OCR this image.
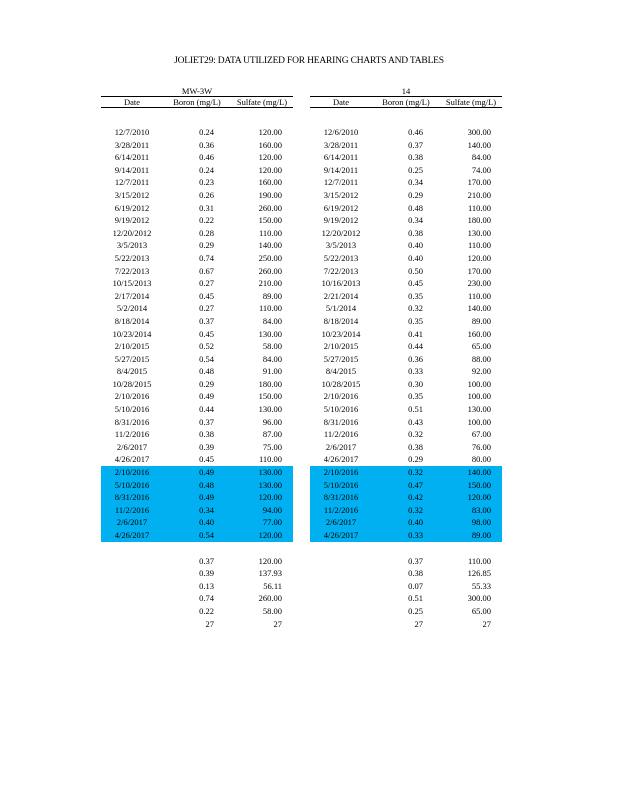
JOLIET29: DATA UTILIZED FOR HEARING CHARTS AND TABLES
MW-3W
Date	Boron (mg/L)	Sulfate (mg/L)
12/7/2010	0.24	120.00
3/28/2011	0.36	160.00
6/14/2011	0.46	120.00
9/14/2011	0.24	120.00
12/7/2011	0.23	160.00
3/15/2012	0.26	190.00
6/19/2012	0.31	260.00
9/19/2012	0.22	150.00
12/20/2012	0.28	110.00
3/5/2013	0.29	140.00
5/22/2013	0.74	250.00
7/22/2013	0.67	260.00
10/15/2013	0.27	210.00
2/17/2014	0.45	89.00
5/2/2014	0.27	110.00
8/18/2014	0.37	84.00
10/23/2014	0.45	130.00
2/10/2015	0.52	58.00
5/27/2015	0.54	84.00
8/4/2015	0.48	91.00
10/28/2015	0.29	180.00
2/10/2016	0.49	150.00
5/10/2016	0.44	130.00
8/31/2016	0.37	96.00
11/2/2016	0.38	87.00
2/6/2017	0.39	75.00
4/26/2017	0.45	110.00
2/10/2016	0.49	130.00
5/10/2016	0.48	130.00
8/31/2016	0.49	120.00
11/2/2016	0.34	94.00
2/6/2017	0.40	77.00
4/26/2017	0.54	120.00
0.37	120.00
0.39	137.93
0.13	56.11
0.74	260.00
0.22	58.00
27	27
14
Date	Boron (mg/L)	Sulfate (mg/L)
12/6/2010	0.46	300.00
3/28/2011	0.37	140.00
6/14/2011	0.38	84.00
9/14/2011	0.25	74.00
12/7/2011	0.34	170.00
3/15/2012	0.29	210.00
6/19/2012	0.48	110.00
9/19/2012	0.34	180.00
12/20/2012	0.38	130.00
3/5/2013	0.40	110.00
5/22/2013	0.40	120.00
7/22/2013	0.50	170.00
10/16/2013	0.45	230.00
2/21/2014	0.35	110.00
5/1/2014	0.32	140.00
8/18/2014	0.35	89.00
10/23/2014	0.41	160.00
2/10/2015	0.44	65.00
5/27/2015	0.36	88.00
8/4/2015	0.33	92.00
10/28/2015	0.30	100.00
2/10/2016	0.35	100.00
5/10/2016	0.51	130.00
8/31/2016	0.43	100.00
11/2/2016	0.32	67.00
2/6/2017	0.38	76.00
4/26/2017	0.29	80.00
2/10/2016	0.32	140.00
5/10/2016	0.47	150.00
8/31/2016	0.42	120.00
11/2/2016	0.32	83.00
2/6/2017	0.40	98.00
4/26/2017	0.33	89.00
0.37	110.00
0.38	126.85
0.07	55.33
0.51	300.00
0.25	65.00
27	27
